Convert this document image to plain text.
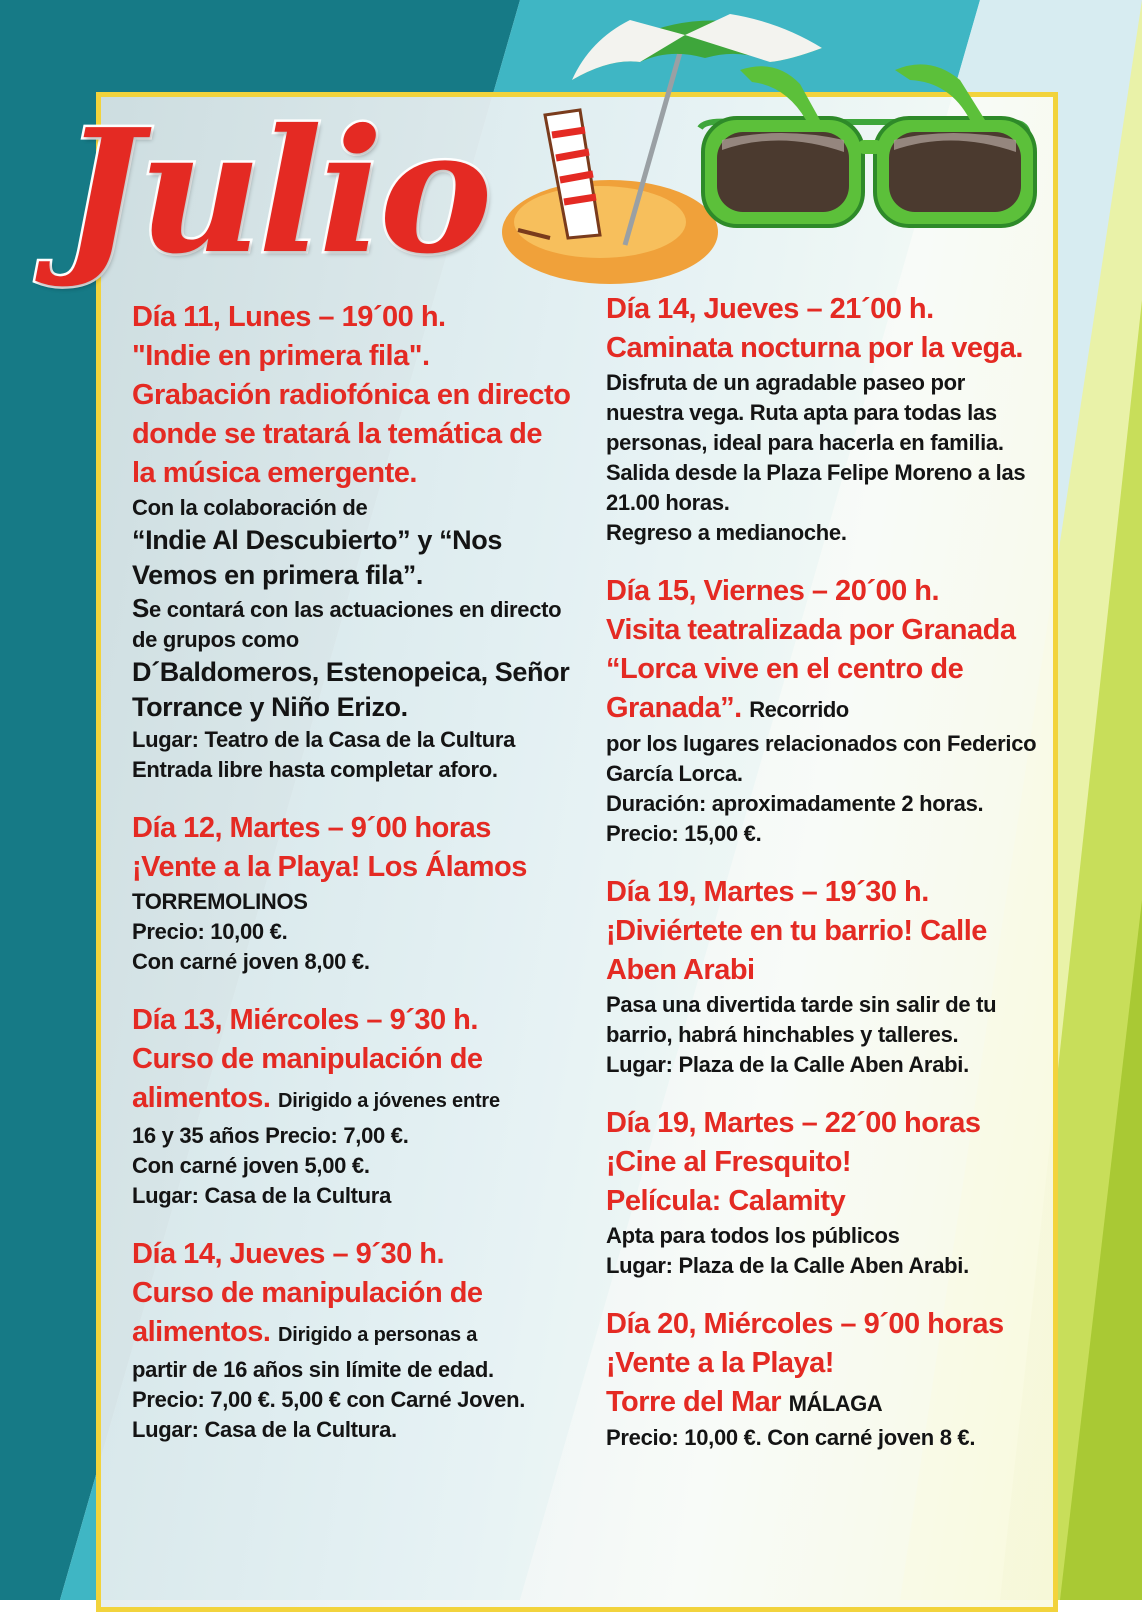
Julio
Día 11, Lunes – 19´00 h.
"Indie en primera fila". Grabación radiofónica en directo donde se tratará la temática de la música emergente.

Con la colaboración de

“Indie Al Descubierto” y “Nos Vemos en primera fila”.

Se contará con las actuaciones en directo de grupos como

D´Baldomeros, Estenopeica, Señor Torrance y Niño Erizo.

Lugar: Teatro de la Casa de la Cultura

Entrada libre hasta completar aforo.

Día 12, Martes – 9´00 horas
¡Vente a la Playa! Los Álamos

TORREMOLINOS

Precio: 10,00 €.

Con carné joven 8,00 €.

Día 13, Miércoles – 9´30 h.
Curso de manipulación de alimentos. Dirigido a jóvenes entre

16 y 35 años Precio: 7,00 €.

Con carné joven 5,00 €.

Lugar: Casa de la Cultura

Día 14, Jueves – 9´30 h.
Curso de manipulación de alimentos. Dirigido a personas a

partir de 16 años sin límite de edad.

Precio: 7,00 €. 5,00 € con Carné Joven.

Lugar: Casa de la Cultura.

Día 14, Jueves – 21´00 h.
Caminata nocturna por la vega.

Disfruta de un agradable paseo por nuestra vega. Ruta apta para todas las personas, ideal para hacerla en familia.

Salida desde la Plaza Felipe Moreno a las 21.00 horas.

Regreso a medianoche.

Día 15, Viernes – 20´00 h.
Visita teatralizada por Granada “Lorca vive en el centro de Granada”. Recorrido

por los lugares relacionados con Federico García Lorca.

Duración: aproximadamente 2 horas.

Precio: 15,00 €.

Día 19, Martes – 19´30 h.
¡Diviértete en tu barrio! Calle Aben Arabi

Pasa una divertida tarde sin salir de tu barrio, habrá hinchables y talleres.

Lugar: Plaza de la Calle Aben Arabi.

Día 19, Martes – 22´00 horas
¡Cine al Fresquito!
Película: Calamity

Apta para todos los públicos

Lugar: Plaza de la Calle Aben Arabi.

Día 20, Miércoles – 9´00 horas
¡Vente a la Playa!
Torre del Mar MÁLAGA

Precio: 10,00 €. Con carné joven 8 €.
